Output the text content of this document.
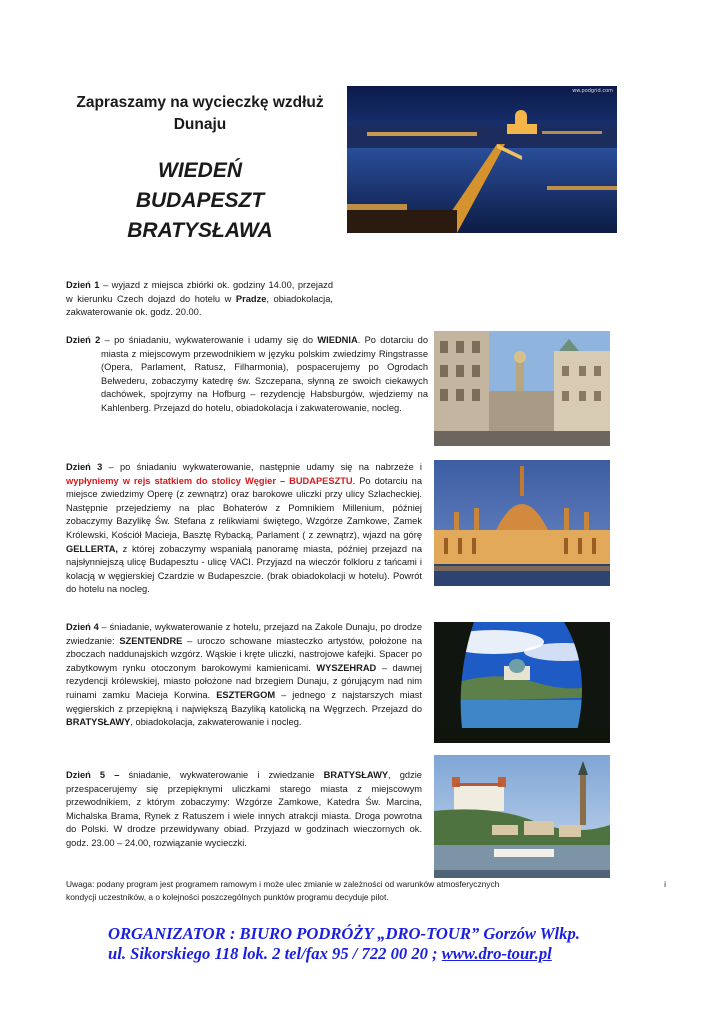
Zapraszamy na wycieczkę wzdłuż
Dunaju
WIEDEŃ
BUDAPESZT
BRATYSŁAWA
ww.podgrid.com
Dzień 1 – wyjazd z miejsca zbiórki ok. godziny 14.00, przejazd w kierunku Czech dojazd do hotelu w Pradze, obiadokolacja, zakwaterowanie ok. godz. 20.00.
Dzień 2 – po śniadaniu, wykwaterowanie i udamy się do WIEDNIA. Po dotarciu do miasta z miejscowym przewodnikiem w języku polskim zwiedzimy Ringstrasse (Opera, Parlament, Ratusz, Filharmonia), pospacerujemy po Ogrodach Belwederu, zobaczymy katedrę św. Szczepana, słynną ze swoich ciekawych dachówek, spojrzymy na Hofburg – rezydencję Habsburgów, wjedziemy na Kahlenberg. Przejazd do hotelu, obiadokolacja i zakwaterowanie, nocleg.
Dzień 3 – po śniadaniu wykwaterowanie, następnie udamy się na nabrzeże i wypłyniemy w rejs statkiem do stolicy Węgier – BUDAPESZTU. Po dotarciu na miejsce zwiedzimy Operę (z zewnątrz) oraz barokowe uliczki przy ulicy Szlacheckiej. Następnie przejedziemy na plac Bohaterów z Pomnikiem Millenium, później zobaczymy Bazylikę Św. Stefana z relikwiami świętego, Wzgórze Zamkowe, Zamek Królewski, Kościół Macieja, Basztę Rybacką, Parlament ( z zewnątrz), wjazd na górę GELLERTA, z której zobaczymy wspaniałą panoramę miasta, później przejazd na najsłynniejszą ulicę Budapesztu - ulicę VACI. Przyjazd na wieczór folkloru z tańcami i kolacją w węgierskiej Czardzie w Budapeszcie. (brak obiadokolacji w hotelu). Powrót do hotelu na nocleg.
Dzień 4 – śniadanie, wykwaterowanie z hotelu, przejazd na Zakole Dunaju, po drodze zwiedzanie: SZENTENDRE – uroczo schowane miasteczko artystów, położone na zboczach naddunajskich wzgórz. Wąskie i kręte uliczki, nastrojowe kafejki. Spacer po zabytkowym rynku otoczonym barokowymi kamienicami. WYSZEHRAD – dawnej rezydencji królewskiej, miasto położone nad brzegiem Dunaju, z górującym nad nim ruinami zamku Macieja Korwina. ESZTERGOM – jednego z najstarszych miast węgierskich z przepiękną i największą Bazyliką katolicką na Węgrzech. Przejazd do BRATYSŁAWY, obiadokolacja, zakwaterowanie i nocleg.
Dzień 5 – śniadanie, wykwaterowanie i zwiedzanie BRATYSŁAWY, gdzie przespacerujemy się przepięknymi uliczkami starego miasta z miejscowym przewodnikiem, z którym zobaczymy: Wzgórze Zamkowe, Katedra Św. Marcina, Michalska Brama, Rynek z Ratuszem i wiele innych atrakcji miasta. Droga powrotna do Polski. W drodze przewidywany obiad. Przyjazd w godzinach wieczornych ok. godz. 23.00 – 24.00, rozwiązanie wycieczki.
Uwaga: podany program jest programem ramowym i może ulec zmianie w zależności od warunków atmosferycznych	i
kondycji uczestników, a o kolejności poszczególnych punktów programu decyduje pilot.
ORGANIZATOR : BIURO PODRÓŻY „DRO-TOUR” Gorzów Wlkp.
ul. Sikorskiego 118 lok. 2 tel/fax 95 / 722 00 20 ; www.dro-tour.pl
